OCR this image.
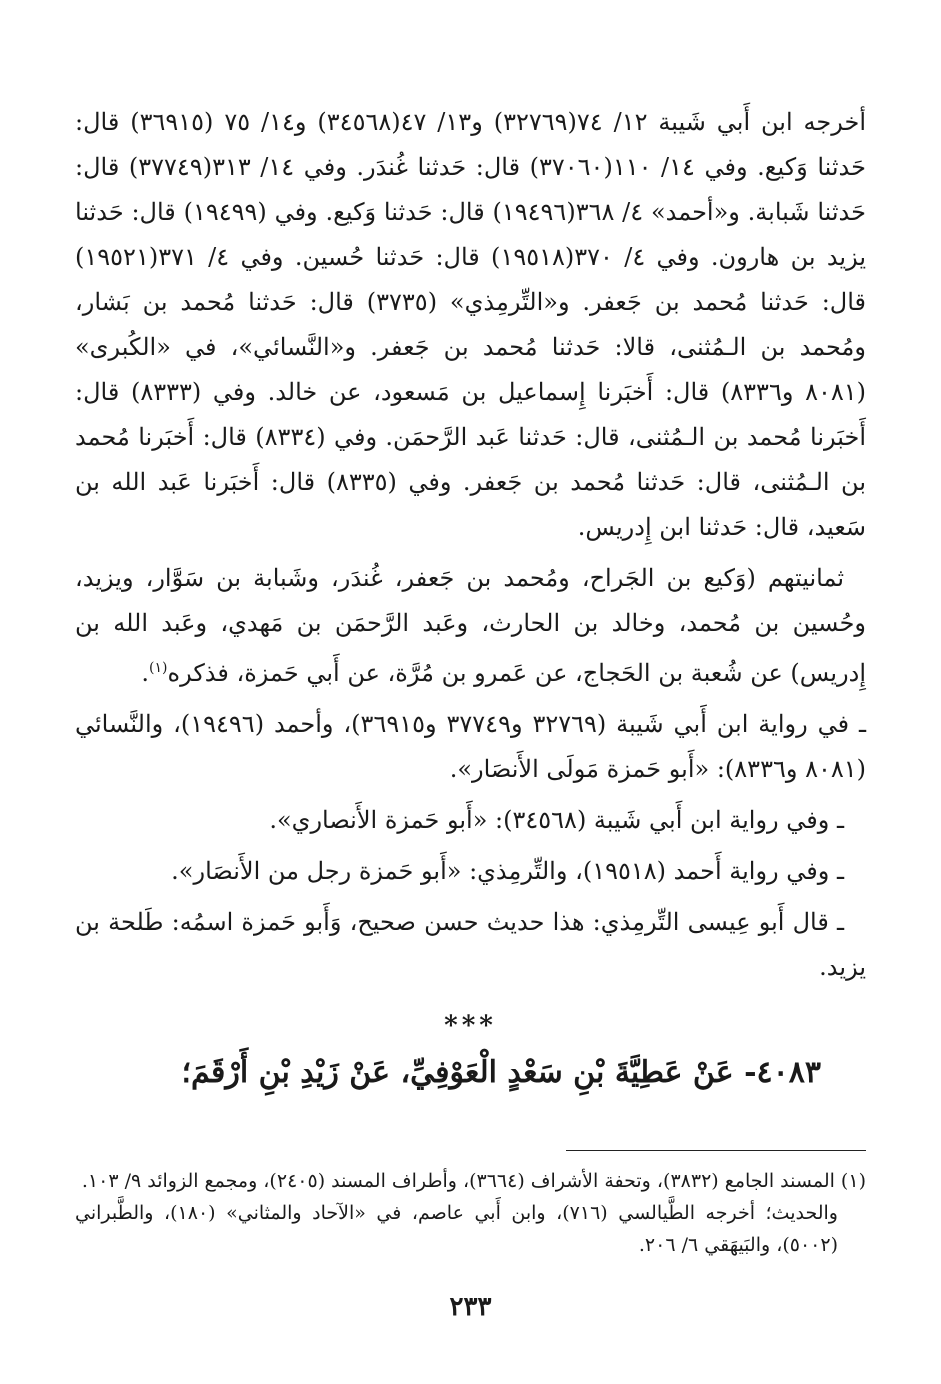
أخرجه ابن أَبي شَيبة ١٢/ ٧٤(٣٢٧٦٩) و١٣/ ٤٧(٣٤٥٦٨) و١٤/ ٧٥ (٣٦٩١٥) قال: حَدثنا وَكيع. وفي ١٤/ ١١٠(٣٧٠٦٠) قال: حَدثنا غُندَر. وفي ١٤/ ٣١٣(٣٧٧٤٩) قال: حَدثنا شَبابة. و«أحمد» ٤/ ٣٦٨(١٩٤٩٦) قال: حَدثنا وَكيع. وفي (١٩٤٩٩) قال: حَدثنا يزيد بن هارون. وفي ٤/ ٣٧٠(١٩٥١٨) قال: حَدثنا حُسين. وفي ٤/ ٣٧١(١٩٥٢١) قال: حَدثنا مُحمد بن جَعفر. و«التِّرمِذي» (٣٧٣٥) قال: حَدثنا مُحمد بن بَشار، ومُحمد بن الـمُثنى، قالا: حَدثنا مُحمد بن جَعفر. و«النَّسائي»، في «الكُبرى» (٨٠٨١ و٨٣٣٦) قال: أَخبَرنا إِسماعيل بن مَسعود، عن خالد. وفي (٨٣٣٣) قال: أَخبَرنا مُحمد بن الـمُثنى، قال: حَدثنا عَبد الرَّحمَن. وفي (٨٣٣٤) قال: أَخبَرنا مُحمد بن الـمُثنى، قال: حَدثنا مُحمد بن جَعفر. وفي (٨٣٣٥) قال: أَخبَرنا عَبد الله بن سَعيد، قال: حَدثنا ابن إِدريس.

ثمانيتهم (وَكيع بن الجَراح، ومُحمد بن جَعفر، غُندَر، وشَبابة بن سَوَّار، ويزيد، وحُسين بن مُحمد، وخالد بن الحارث، وعَبد الرَّحمَن بن مَهدي، وعَبد الله بن إِدريس) عن شُعبة بن الحَجاج، عن عَمرو بن مُرَّة، عن أَبي حَمزة، فذكره$^{(١)}$.

ـ في رواية ابن أَبي شَيبة (٣٢٧٦٩ و٣٧٧٤٩ و٣٦٩١٥)، وأحمد (١٩٤٩٦)، والنَّسائي (٨٠٨١ و٨٣٣٦): «أَبو حَمزة مَولَى الأَنصَار».

ـ وفي رواية ابن أَبي شَيبة (٣٤٥٦٨): «أَبو حَمزة الأَنصاري».

ـ وفي رواية أَحمد (١٩٥١٨)، والتِّرمِذي: «أَبو حَمزة رجل من الأَنصَار».

ـ قال أَبو عِيسى التِّرمِذي: هذا حديث حسن صحيح، وَأَبو حَمزة اسمُه: طَلحة بن يزيد.

***
٤٠٨٣- عَنْ عَطِيَّةَ بْنِ سَعْدٍ الْعَوْفِيِّ، عَنْ زَيْدِ بْنِ أَرْقَمَ؛

(١) المسند الجامع (٣٨٣٢)، وتحفة الأشراف (٣٦٦٤)، وأطراف المسند (٢٤٠٥)، ومجمع الزوائد ٩/ ١٠٣.

والحديث؛ أخرجه الطَّيالسي (٧١٦)، وابن أَبي عاصم، في «الآحاد والمثاني» (١٨٠)، والطَّبراني (٥٠٠٢)، والبَيهَقي ٦/ ٢٠٦.

٢٣٣
